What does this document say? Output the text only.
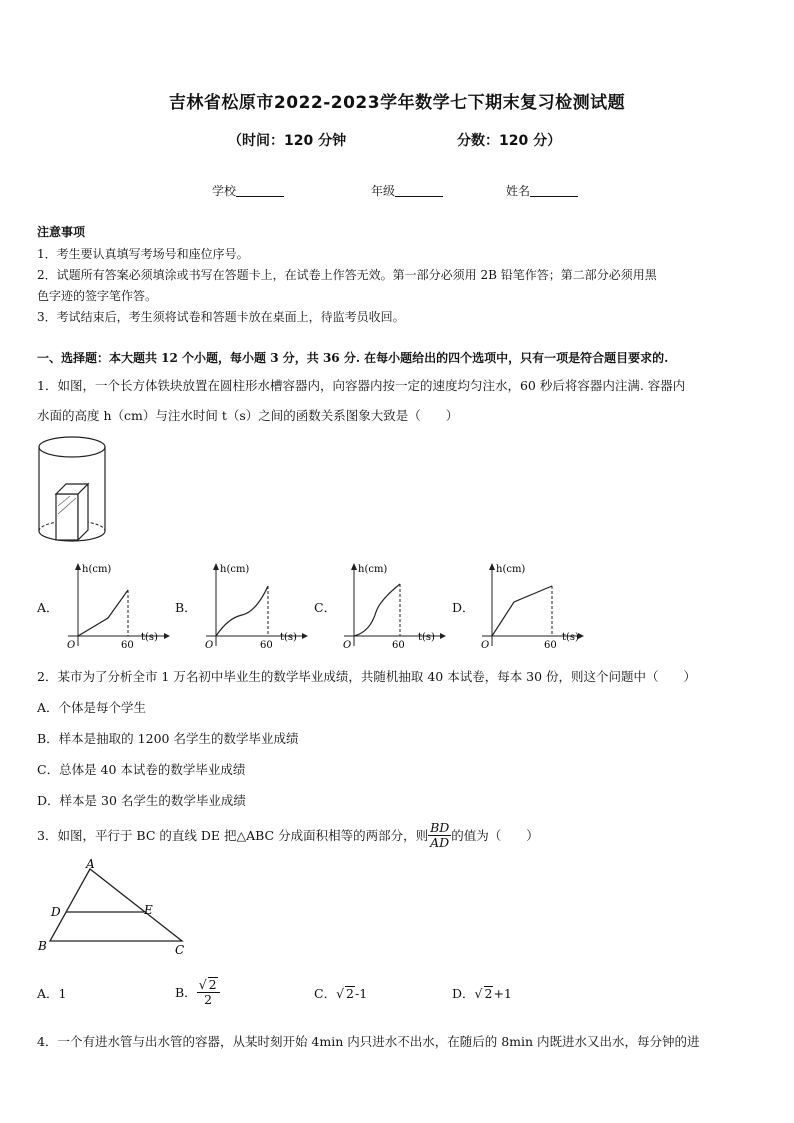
吉林省松原市2022-2023学年数学七下期末复习检测试题
（时间：120 分钟	分数：120 分）
学校	年级	姓名
注意事项
1．考生要认真填写考场号和座位序号。
2．试题所有答案必须填涂或书写在答题卡上，在试卷上作答无效。第一部分必须用 2B 铅笔作答；第二部分必须用黑
色字迹的签字笔作答。
3．考试结束后，考生须将试卷和答题卡放在桌面上，待监考员收回。
一、选择题：本大题共 12 个小题，每小题 3 分，共 36 分. 在每小题给出的四个选项中，只有一项是符合题目要求的.
1．如图，一个长方体铁块放置在圆柱形水槽容器内，向容器内按一定的速度均匀注水，60 秒后将容器内注满. 容器内
水面的高度 h（cm）与注水时间 t（s）之间的函数关系图象大致是（　　）
A．	B．	C．	D．
h(cm)
t(s)
O	60
h(cm)
t(s)
O	60
h(cm)
t(s)
O	60
h(cm)
t(s)
O	60
2．某市为了分析全市 1 万名初中毕业生的数学毕业成绩，共随机抽取 40 本试卷，每本 30 份，则这个问题中（　　）
A．个体是每个学生
B．样本是抽取的 1200 名学生的数学毕业成绩
C．总体是 40 本试卷的数学毕业成绩
D．样本是 30 名学生的数学毕业成绩
3．如图，平行于 BC 的直线 DE 把△ABC 分成面积相等的两部分，则 $\frac{BD}{AD}$ 的值为（　　）
A
B	C
D	E
A．1	B． $\frac{√ 2}{2}$	C．√ 2-1	D．√ 2+1
4．一个有进水管与出水管的容器，从某时刻开始 4min 内只进水不出水，在随后的 8min 内既进水又出水，每分钟的进
